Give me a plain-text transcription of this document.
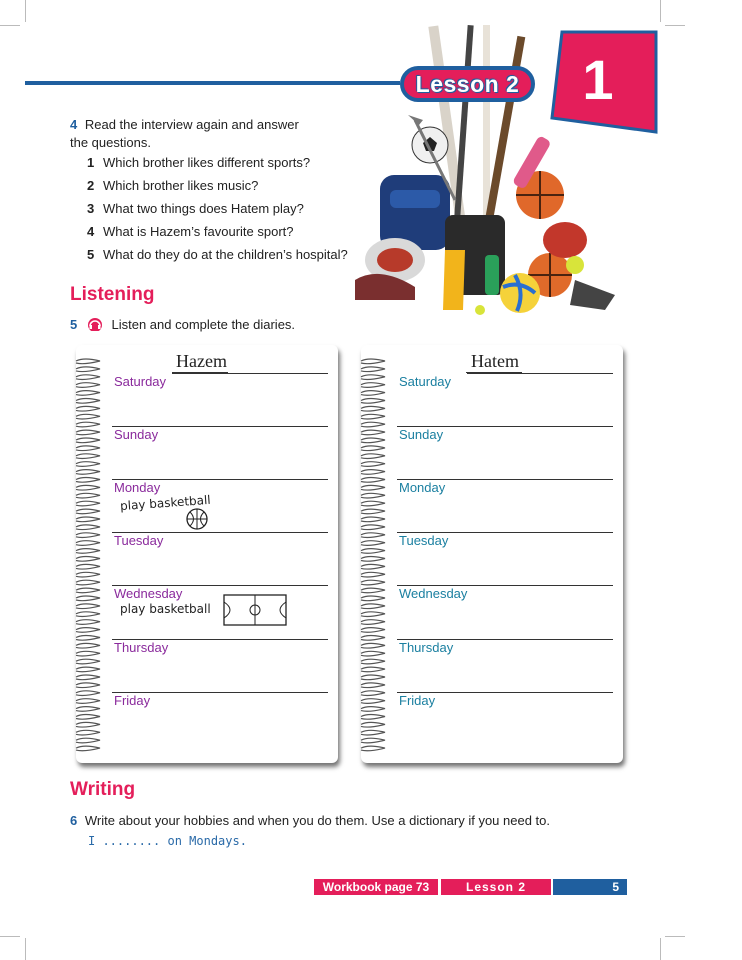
1
Lesson 2
4 Read the interview again and answer the questions.
1 Which brother likes different sports?
2 Which brother likes music?
3 What two things does Hatem play?
4 What is Hazem’s favourite sport?
5 What do they do at the children’s hospital?
Listening
5	Listen and complete the diaries.
Hazem
Saturday
Sunday
Monday
play basketball
Tuesday
Wednesday
play basketball
Thursday
Friday
Hatem
Saturday
Sunday
Monday
Tuesday
Wednesday
Thursday
Friday
Writing
6 Write about your hobbies and when you do them. Use a dictionary if you need to.
I ........ on Mondays.
Workbook page 73	Lesson 2	5
